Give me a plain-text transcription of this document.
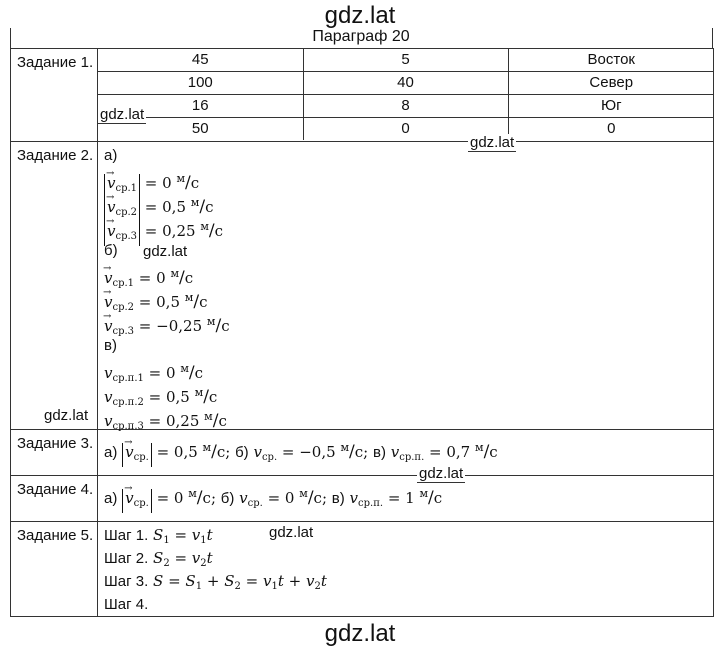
gdz.lat
Параграф 20
Задание 1.		45	5	Восток
100	40	Север
16	8	Юг
50	0	0

Задание 2.	а)
→ $v_{ср.1} = 0$ $^м$/с
→ $v_{ср.2} = 0,5$ $^м$/с
→ $v_{ср.3} = 0,25$ $^м$/с
б)
→ $v_{ср.1} = 0$ $^м$/с
→ $v_{ср.2} = 0,5$ $^м$/с
→ $v_{ср.3} = -0,25$ $^м$/с
в)
$v_{ср.п.1} = 0$ $^м$/с
$v_{ср.п.2} = 0,5$ $^м$/с
$v_{ср.п.3} = 0,25$ $^м$/с

Задание 3.	
$а) \to v_{ср.} = 0,5$ $^м$/с; б) $v_{ср.} = -0,5$ $^м$/с; в) $v_{ср.п.} = 0,7$ $^м$/с

Задание 4.	
$а) \to v_{ср.} = 0$ $^м$/с; б) $v_{ср.} = 0$ $^м$/с; в) $v_{ср.п.} = 1$ $^м$/с

Задание 5.	Шаг 1. $S_1 = v_1t$
Шаг 2. $S_2 = v_2t$
Шаг 3. $S = S_1 + S_2 = v_1t + v_2t$
Шаг 4.
gdz.lat
gdz.lat
gdz.lat
gdz.lat
gdz.lat
gdz.lat
gdz.lat
